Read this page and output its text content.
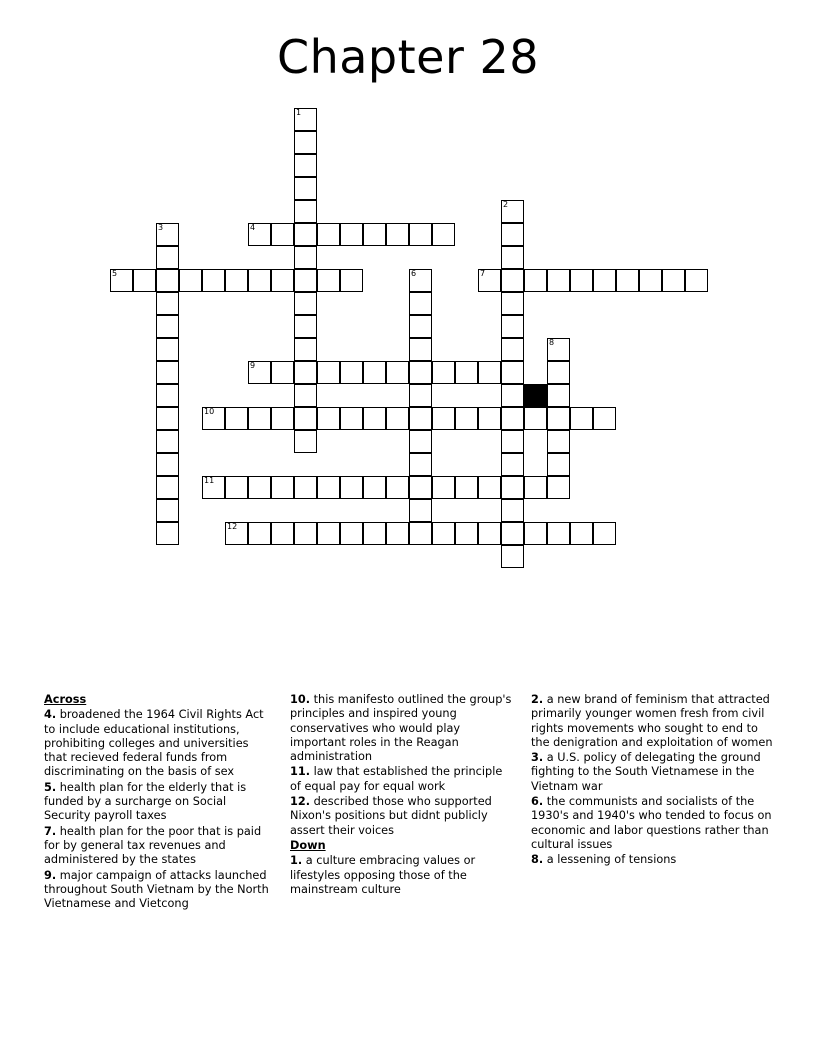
Chapter 28
1
2
3	4
5	6	7
8
9
10
11
12
Across
4. broadened the 1964 Civil Rights Act to include educational institutions, prohibiting colleges and universities that recieved federal funds from discriminating on the basis of sex
5. health plan for the elderly that is funded by a surcharge on Social Security payroll taxes
7. health plan for the poor that is paid for by general tax revenues and administered by the states
9. major campaign of attacks launched throughout South Vietnam by the North Vietnamese and Vietcong
10. this manifesto outlined the group's principles and inspired young conservatives who would play important roles in the Reagan administration
11. law that established the principle of equal pay for equal work
12. described those who supported Nixon's positions but didnt publicly assert their voices
Down
1. a culture embracing values or lifestyles opposing those of the mainstream culture
2. a new brand of feminism that attracted primarily younger women fresh from civil rights movements who sought to end to the denigration and exploitation of women
3. a U.S. policy of delegating the ground fighting to the South Vietnamese in the Vietnam war
6. the communists and socialists of the 1930's and 1940's who tended to focus on economic and labor questions rather than cultural issues
8. a lessening of tensions
